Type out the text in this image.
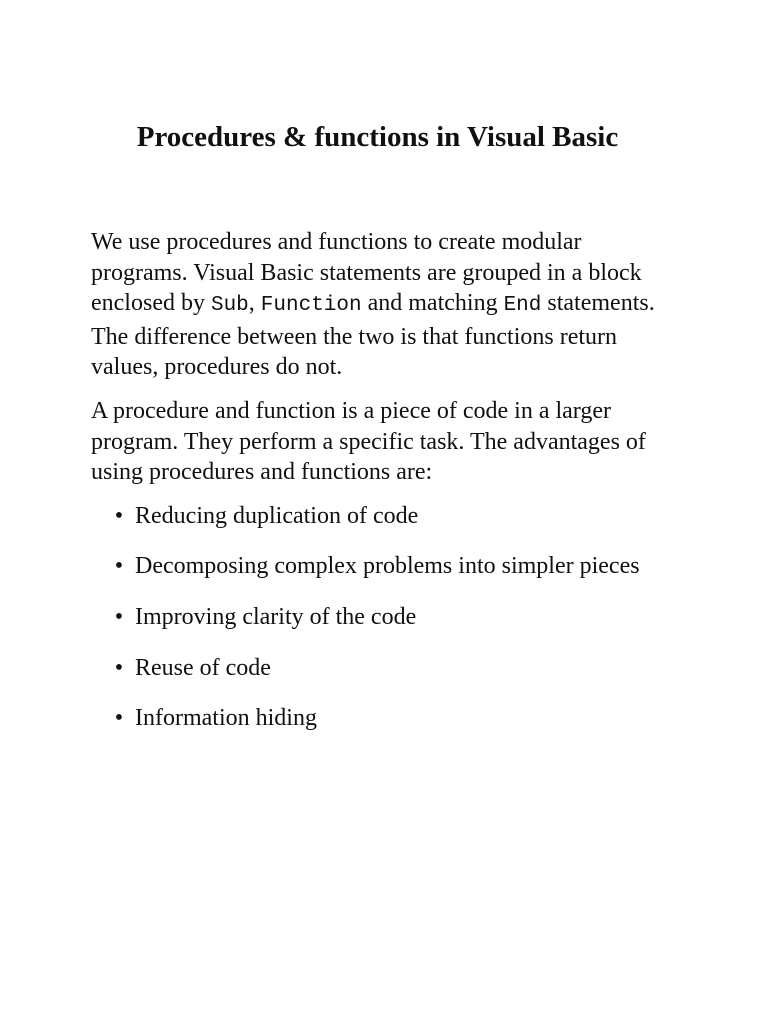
Procedures & functions in Visual Basic

We use procedures and functions to create modular programs. Visual Basic statements are grouped in a block enclosed by Sub, Function and matching End statements. The difference between the two is that functions return values, procedures do not.

A procedure and function is a piece of code in a larger program. They perform a specific task. The advantages of using procedures and functions are:

• Reducing duplication of code
• Decomposing complex problems into simpler pieces
• Improving clarity of the code
• Reuse of code
• Information hiding
